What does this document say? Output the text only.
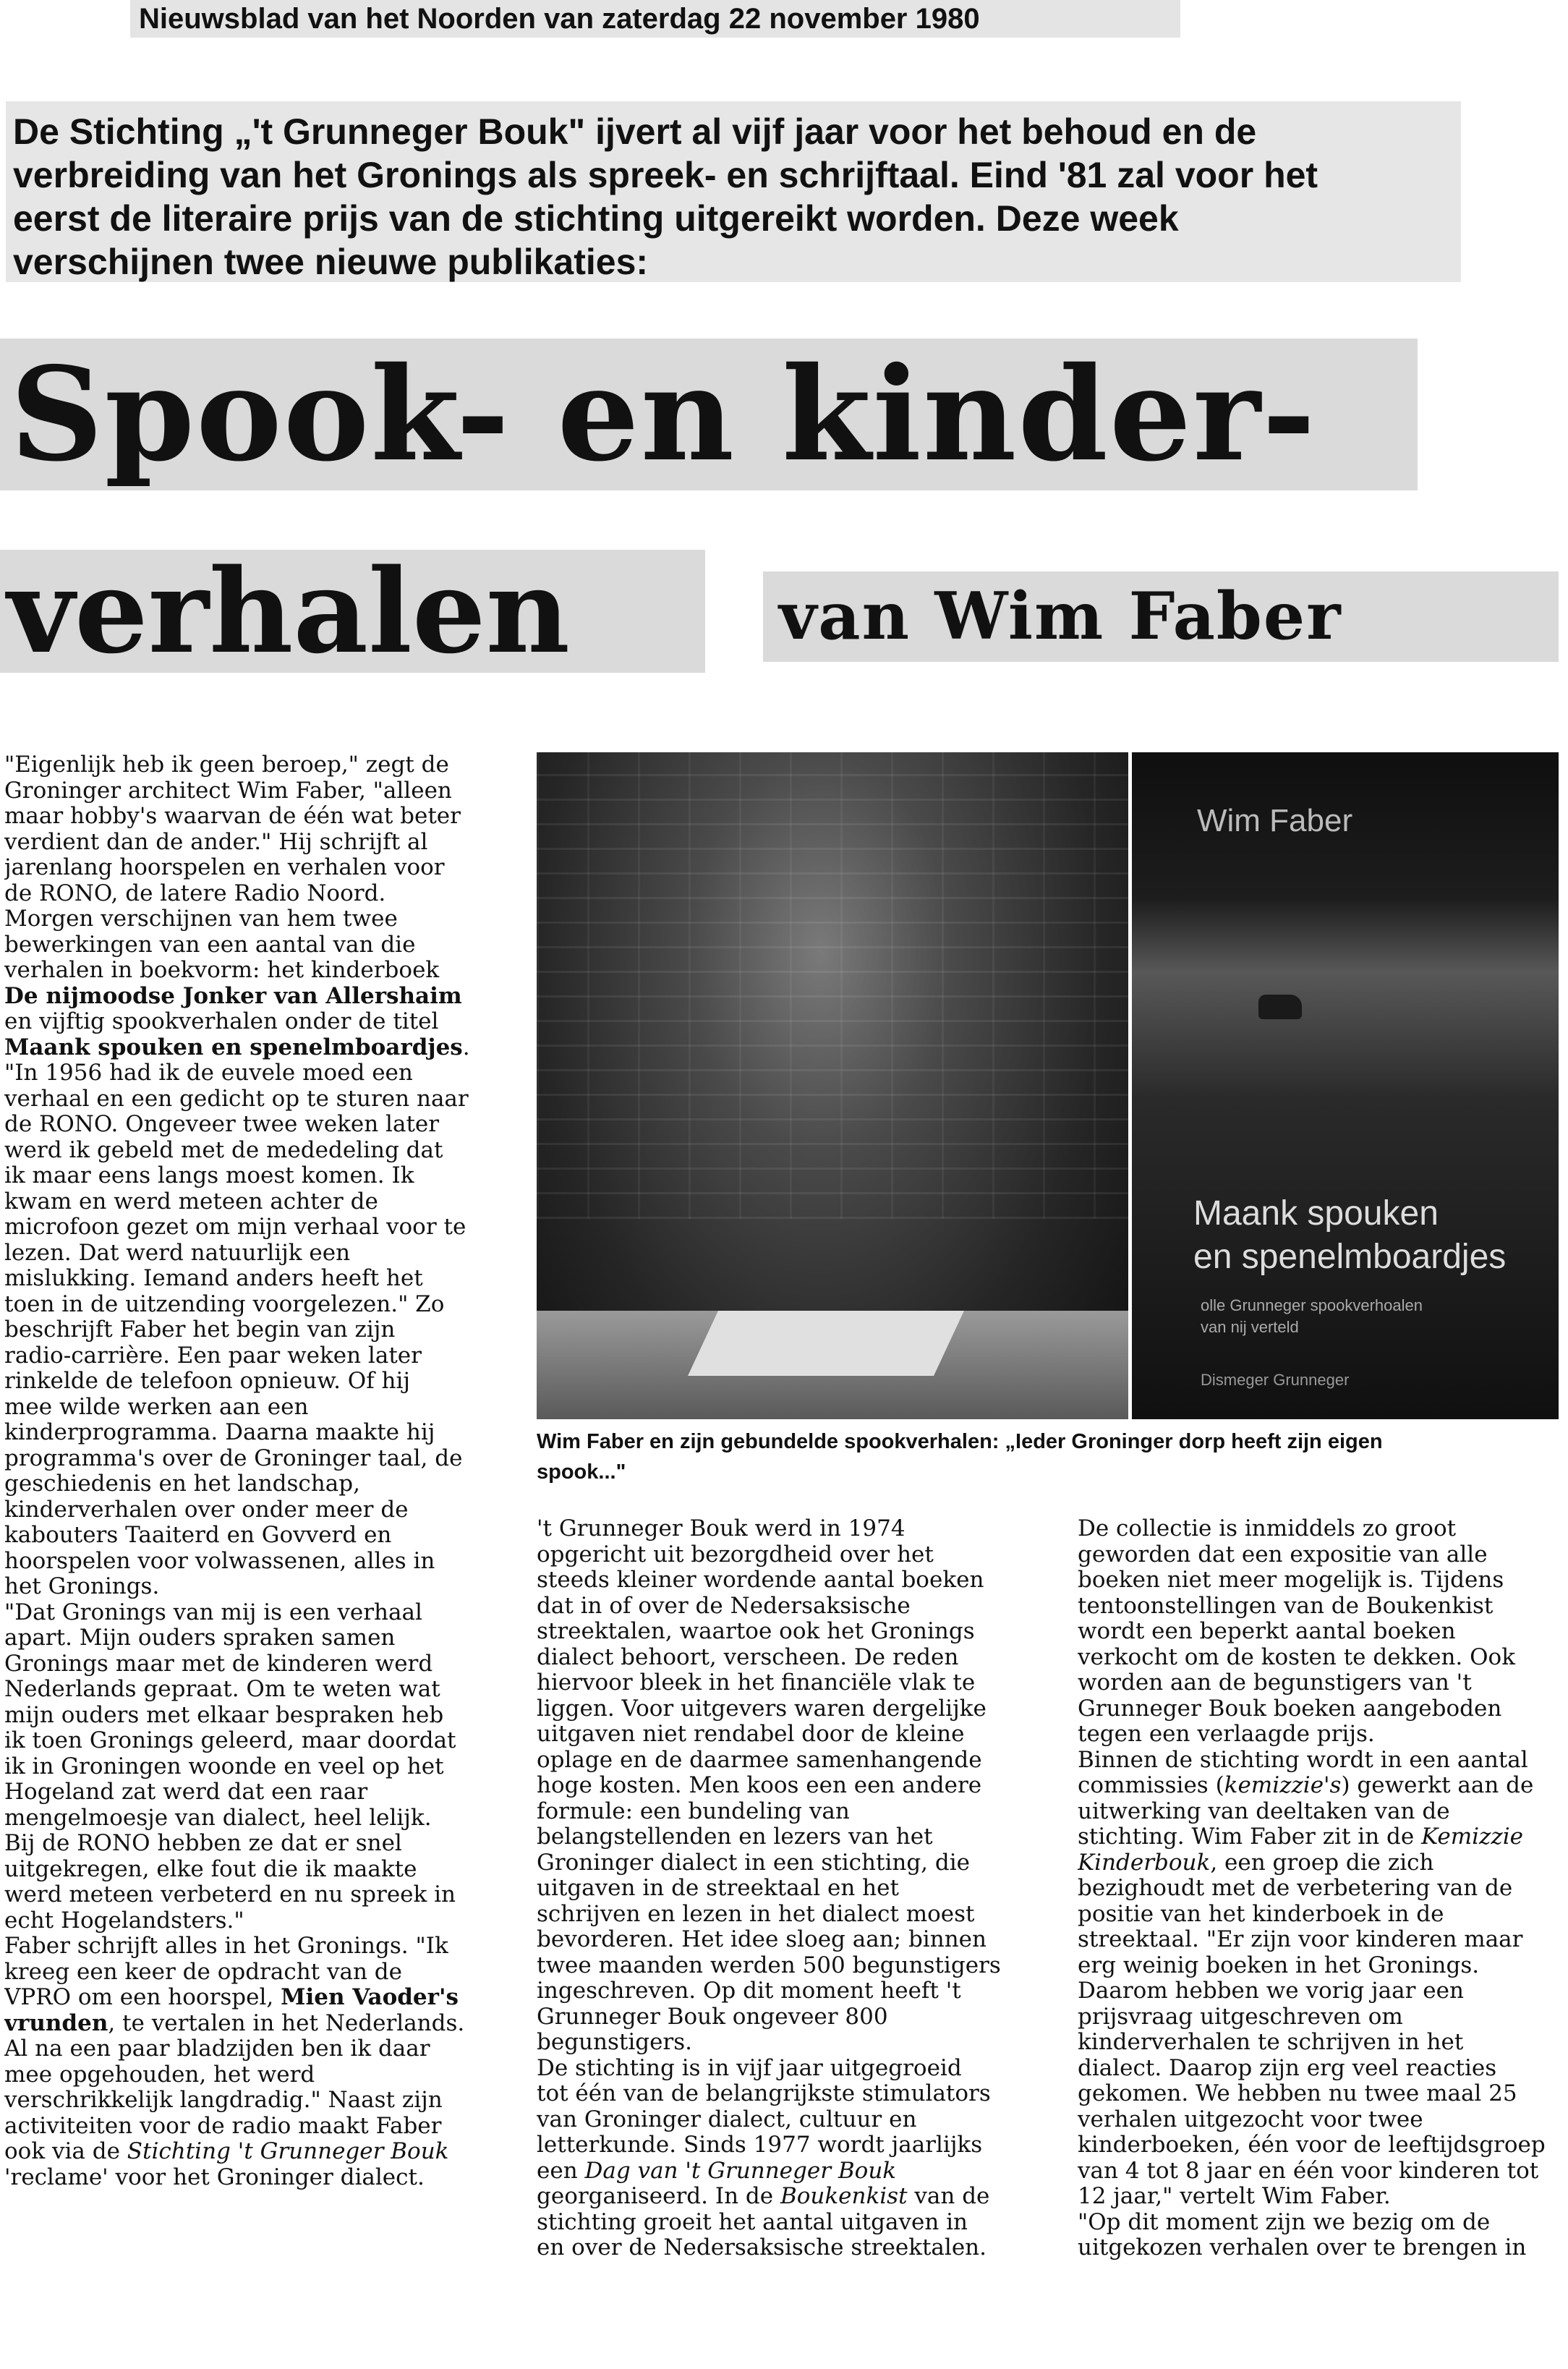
Nieuwsblad van het Noorden van zaterdag 22 november 1980

De Stichting „'t Grunneger Bouk" ijvert al vijf jaar voor het behoud en de

verbreiding van het Gronings als spreek- en schrijftaal. Eind '81 zal voor het

eerst de literaire prijs van de stichting uitgereikt worden. Deze week

verschijnen twee nieuwe publikaties:

Spook- en kinder-
verhalen	van Wim Faber
Wim Faber
Maank spouken
en spenelmboardjes
olle Grunneger spookverhoalen
van nij verteld
Dismeger Grunneger
Wim Faber en zijn gebundelde spookverhalen: „Ieder Groninger dorp heeft zijn eigen
spook..."
"Eigenlijk heb ik geen beroep," zegt de
Groninger architect Wim Faber, "alleen
maar hobby's waarvan de één wat beter
verdient dan de ander." Hij schrijft al
jarenlang hoorspelen en verhalen voor
de RONO, de latere Radio Noord.
Morgen verschijnen van hem twee
bewerkingen van een aantal van die
verhalen in boekvorm: het kinderboek
De nijmoodse Jonker van Allershaim
en vijftig spookverhalen onder de titel
Maank spouken en spenelmboardjes.
"In 1956 had ik de euvele moed een
verhaal en een gedicht op te sturen naar
de RONO. Ongeveer twee weken later
werd ik gebeld met de mededeling dat
ik maar eens langs moest komen. Ik
kwam en werd meteen achter de
microfoon gezet om mijn verhaal voor te
lezen. Dat werd natuurlijk een
mislukking. Iemand anders heeft het
toen in de uitzending voorgelezen." Zo
beschrijft Faber het begin van zijn
radio-carrière. Een paar weken later
rinkelde de telefoon opnieuw. Of hij
mee wilde werken aan een
kinderprogramma. Daarna maakte hij
programma's over de Groninger taal, de
geschiedenis en het landschap,
kinderverhalen over onder meer de
kabouters Taaiterd en Govverd en
hoorspelen voor volwassenen, alles in
het Gronings.
"Dat Gronings van mij is een verhaal
apart. Mijn ouders spraken samen
Gronings maar met de kinderen werd
Nederlands gepraat. Om te weten wat
mijn ouders met elkaar bespraken heb
ik toen Gronings geleerd, maar doordat
ik in Groningen woonde en veel op het
Hogeland zat werd dat een raar
mengelmoesje van dialect, heel lelijk.
Bij de RONO hebben ze dat er snel
uitgekregen, elke fout die ik maakte
werd meteen verbeterd en nu spreek in
echt Hogelandsters."
Faber schrijft alles in het Gronings. "Ik
kreeg een keer de opdracht van de
VPRO om een hoorspel, Mien Vaoder's
vrunden, te vertalen in het Nederlands.
Al na een paar bladzijden ben ik daar
mee opgehouden, het werd
verschrikkelijk langdradig." Naast zijn
activiteiten voor de radio maakt Faber
ook via de Stichting 't Grunneger Bouk
'reclame' voor het Groninger dialect.
't Grunneger Bouk werd in 1974
opgericht uit bezorgdheid over het
steeds kleiner wordende aantal boeken
dat in of over de Nedersaksische
streektalen, waartoe ook het Gronings
dialect behoort, verscheen. De reden
hiervoor bleek in het financiële vlak te
liggen. Voor uitgevers waren dergelijke
uitgaven niet rendabel door de kleine
oplage en de daarmee samenhangende
hoge kosten. Men koos een een andere
formule: een bundeling van
belangstellenden en lezers van het
Groninger dialect in een stichting, die
uitgaven in de streektaal en het
schrijven en lezen in het dialect moest
bevorderen. Het idee sloeg aan; binnen
twee maanden werden 500 begunstigers
ingeschreven. Op dit moment heeft 't
Grunneger Bouk ongeveer 800
begunstigers.
De stichting is in vijf jaar uitgegroeid
tot één van de belangrijkste stimulators
van Groninger dialect, cultuur en
letterkunde. Sinds 1977 wordt jaarlijks
een Dag van 't Grunneger Bouk
georganiseerd. In de Boukenkist van de
stichting groeit het aantal uitgaven in
en over de Nedersaksische streektalen.
De collectie is inmiddels zo groot
geworden dat een expositie van alle
boeken niet meer mogelijk is. Tijdens
tentoonstellingen van de Boukenkist
wordt een beperkt aantal boeken
verkocht om de kosten te dekken. Ook
worden aan de begunstigers van 't
Grunneger Bouk boeken aangeboden
tegen een verlaagde prijs.
Binnen de stichting wordt in een aantal
commissies (kemizzie's) gewerkt aan de
uitwerking van deeltaken van de
stichting. Wim Faber zit in de Kemizzie
Kinderbouk, een groep die zich
bezighoudt met de verbetering van de
positie van het kinderboek in de
streektaal. "Er zijn voor kinderen maar
erg weinig boeken in het Gronings.
Daarom hebben we vorig jaar een
prijsvraag uitgeschreven om
kinderverhalen te schrijven in het
dialect. Daarop zijn erg veel reacties
gekomen. We hebben nu twee maal 25
verhalen uitgezocht voor twee
kinderboeken, één voor de leeftijdsgroep
van 4 tot 8 jaar en één voor kinderen tot
12 jaar," vertelt Wim Faber.
"Op dit moment zijn we bezig om de
uitgekozen verhalen over te brengen in
